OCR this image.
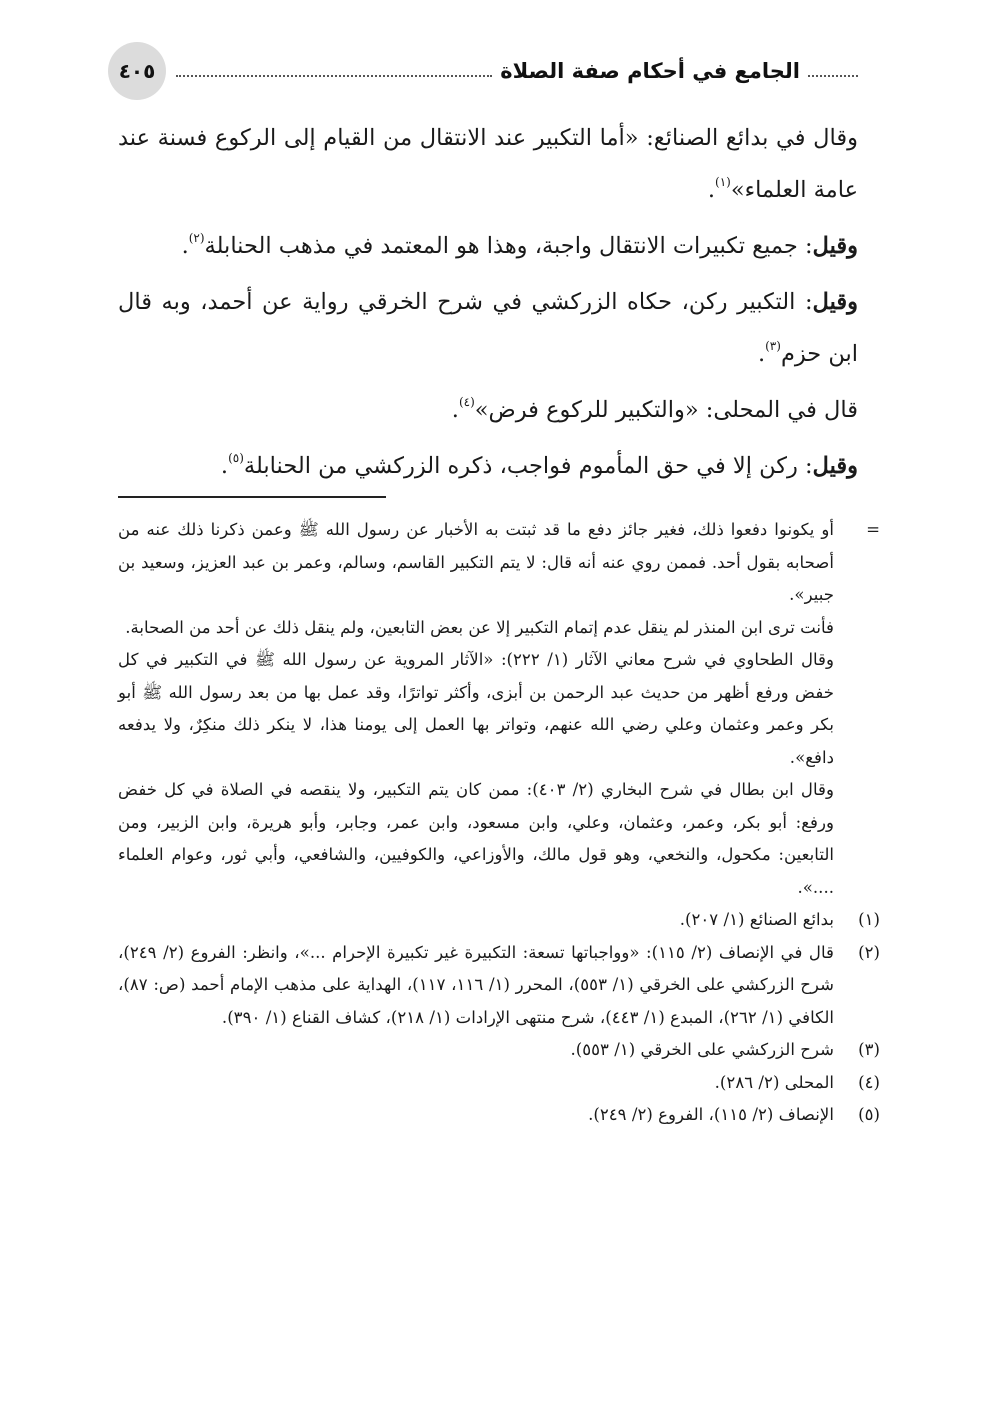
الجامع في أحكام صفة الصلاة
٤٠٥

وقال في بدائع الصنائع: «أما التكبير عند الانتقال من القيام إلى الركوع فسنة عند عامة العلماء»$^{(١)}$.

وقيل: جميع تكبيرات الانتقال واجبة، وهذا هو المعتمد في مذهب الحنابلة$^{(٢)}$.

وقيل: التكبير ركن، حكاه الزركشي في شرح الخرقي رواية عن أحمد، وبه قال ابن حزم$^{(٣)}$.

قال في المحلى: «والتكبير للركوع فرض»$^{(٤)}$.

وقيل: ركن إلا في حق المأموم فواجب، ذكره الزركشي من الحنابلة$^{(٥)}$.

=
أو يكونوا دفعوا ذلك، فغير جائز دفع ما قد ثبتت به الأخبار عن رسول الله ﷺ وعمن ذكرنا ذلك عنه من أصحابه بقول أحد. فممن روي عنه أنه قال: لا يتم التكبير القاسم، وسالم، وعمر بن عبد العزيز، وسعيد بن جبير».
فأنت ترى ابن المنذر لم ينقل عدم إتمام التكبير إلا عن بعض التابعين، ولم ينقل ذلك عن أحد من الصحابة.
وقال الطحاوي في شرح معاني الآثار (١/ ٢٢٢): «الآثار المروية عن رسول الله ﷺ في التكبير في كل خفض ورفع أظهر من حديث عبد الرحمن بن أبزى، وأكثر تواترًا، وقد عمل بها من بعد رسول الله ﷺ أبو بكر وعمر وعثمان وعلي رضي الله عنهم، وتواتر بها العمل إلى يومنا هذا، لا ينكر ذلك منكِرٌ، ولا يدفعه دافع».
وقال ابن بطال في شرح البخاري (٢/ ٤٠٣): ممن كان يتم التكبير، ولا ينقصه في الصلاة في كل خفض ورفع: أبو بكر، وعمر، وعثمان، وعلي، وابن مسعود، وابن عمر، وجابر، وأبو هريرة، وابن الزبير، ومن التابعين: مكحول، والنخعي، وهو قول مالك، والأوزاعي، والكوفيين، والشافعي، وأبي ثور، وعوام العلماء ....».
(١)
بدائع الصنائع (١/ ٢٠٧).
(٢)
قال في الإنصاف (٢/ ١١٥): «وواجباتها تسعة: التكبيرة غير تكبيرة الإحرام ...»، وانظر: الفروع (٢/ ٢٤٩)، شرح الزركشي على الخرقي (١/ ٥٥٣)، المحرر (١/ ١١٦، ١١٧)، الهداية على مذهب الإمام أحمد (ص: ٨٧)، الكافي (١/ ٢٦٢)، المبدع (١/ ٤٤٣)، شرح منتهى الإرادات (١/ ٢١٨)، كشاف القناع (١/ ٣٩٠).
(٣)
شرح الزركشي على الخرقي (١/ ٥٥٣).
(٤)
المحلى (٢/ ٢٨٦).
(٥)
الإنصاف (٢/ ١١٥)، الفروع (٢/ ٢٤٩).
